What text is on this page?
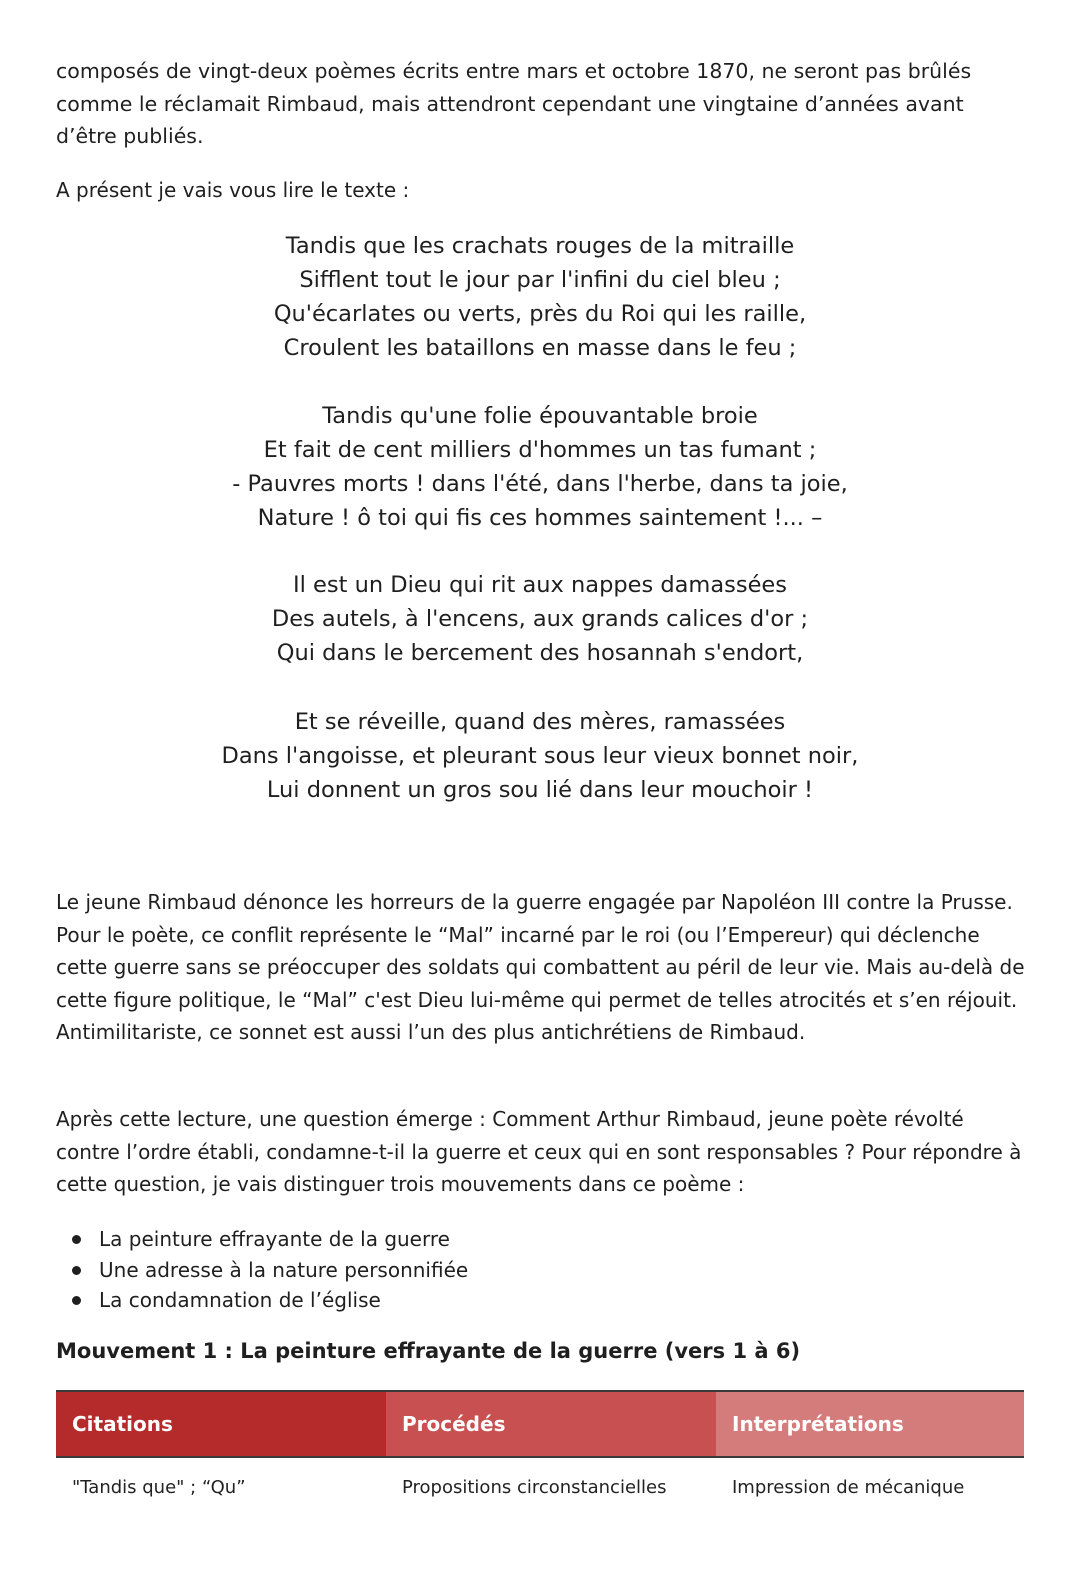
composés de vingt-deux poèmes écrits entre mars et octobre 1870, ne seront pas brûlés comme le réclamait Rimbaud, mais attendront cependant une vingtaine d’années avant d’être publiés.

A présent je vais vous lire le texte :

Tandis que les crachats rouges de la mitraille
Sifflent tout le jour par l'infini du ciel bleu ;
Qu'écarlates ou verts, près du Roi qui les raille,
Croulent les bataillons en masse dans le feu ;
Tandis qu'une folie épouvantable broie
Et fait de cent milliers d'hommes un tas fumant ;
- Pauvres morts ! dans l'été, dans l'herbe, dans ta joie,
Nature ! ô toi qui fis ces hommes saintement !... –
Il est un Dieu qui rit aux nappes damassées
Des autels, à l'encens, aux grands calices d'or ;
Qui dans le bercement des hosannah s'endort,
Et se réveille, quand des mères, ramassées
Dans l'angoisse, et pleurant sous leur vieux bonnet noir,
Lui donnent un gros sou lié dans leur mouchoir !

Le jeune Rimbaud dénonce les horreurs de la guerre engagée par Napoléon III contre la Prusse. Pour le poète, ce conflit représente le “Mal” incarné par le roi (ou l’Empereur) qui déclenche cette guerre sans se préoccuper des soldats qui combattent au péril de leur vie. Mais au-delà de cette figure politique, le “Mal” c'est Dieu lui-même qui permet de telles atrocités et s’en réjouit. Antimilitariste, ce sonnet est aussi l’un des plus antichrétiens de Rimbaud.

Après cette lecture, une question émerge : Comment Arthur Rimbaud, jeune poète révolté contre l’ordre établi, condamne-t-il la guerre et ceux qui en sont responsables ? Pour répondre à cette question, je vais distinguer trois mouvements dans ce poème :

La peinture effrayante de la guerre
Une adresse à la nature personnifiée
La condamnation de l’église
Mouvement 1 : La peinture effrayante de la guerre (vers 1 à 6)
Citations	Procédés	Interprétations
"Tandis que" ; “Qu”	Propositions circonstancielles	Impression de mécanique
